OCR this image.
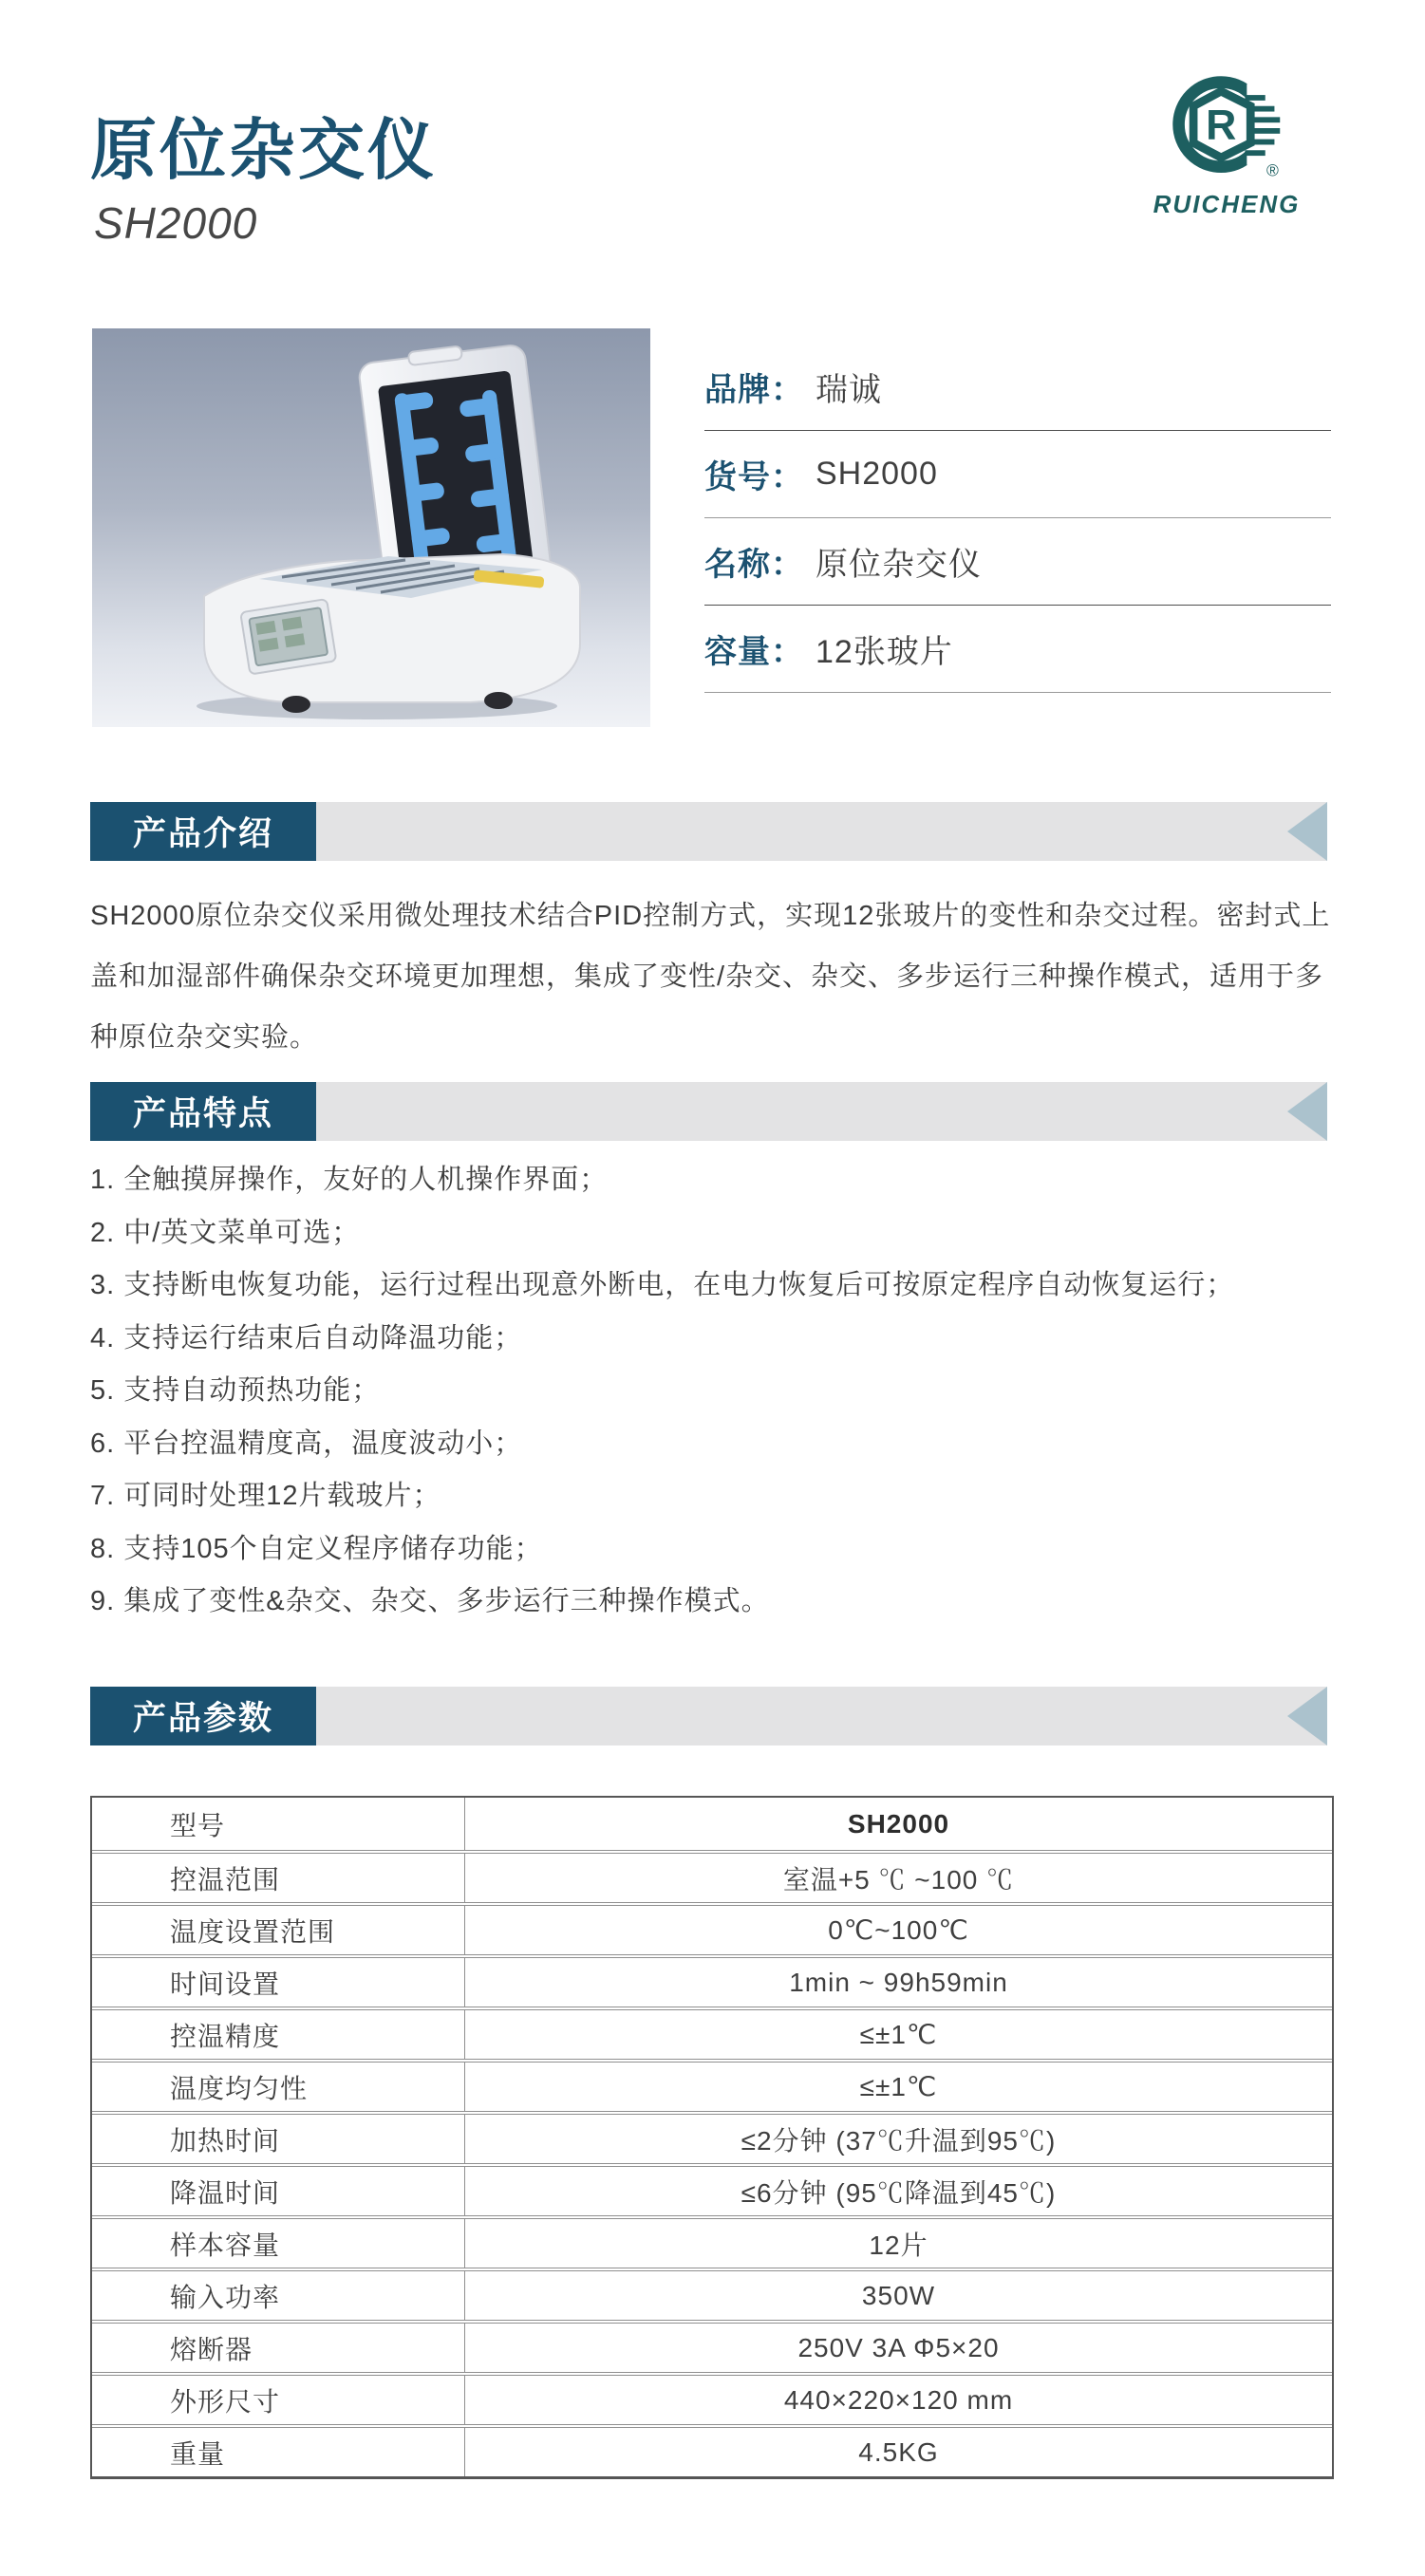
原位杂交仪
SH2000
R
®
RUICHENG
品牌： 瑞诚
货号： SH2000
名称： 原位杂交仪
容量： 12张玻片
产品介绍
SH2000原位杂交仪采用微处理技术结合PID控制方式，实现12张玻片的变性和杂交过程。密封式上盖和加湿部件确保杂交环境更加理想，集成了变性/杂交、杂交、多步运行三种操作模式，适用于多种原位杂交实验。
产品特点
1. 全触摸屏操作，友好的人机操作界面；
2. 中/英文菜单可选；
3. 支持断电恢复功能，运行过程出现意外断电，在电力恢复后可按原定程序自动恢复运行；
4. 支持运行结束后自动降温功能；
5. 支持自动预热功能；
6. 平台控温精度高，温度波动小；
7. 可同时处理12片载玻片；
8. 支持105个自定义程序储存功能；
9. 集成了变性&杂交、杂交、多步运行三种操作模式。
产品参数
型号	SH2000
控温范围	室温+5 ℃ ~100 ℃
温度设置范围	0℃~100℃
时间设置	1min ~ 99h59min
控温精度	≤±1℃
温度均匀性	≤±1℃
加热时间	≤2分钟 (37℃升温到95℃)
降温时间	≤6分钟 (95℃降温到45℃)
样本容量	12片
输入功率	350W
熔断器	250V 3A Φ5×20
外形尺寸	440×220×120 mm
重量	4.5KG
